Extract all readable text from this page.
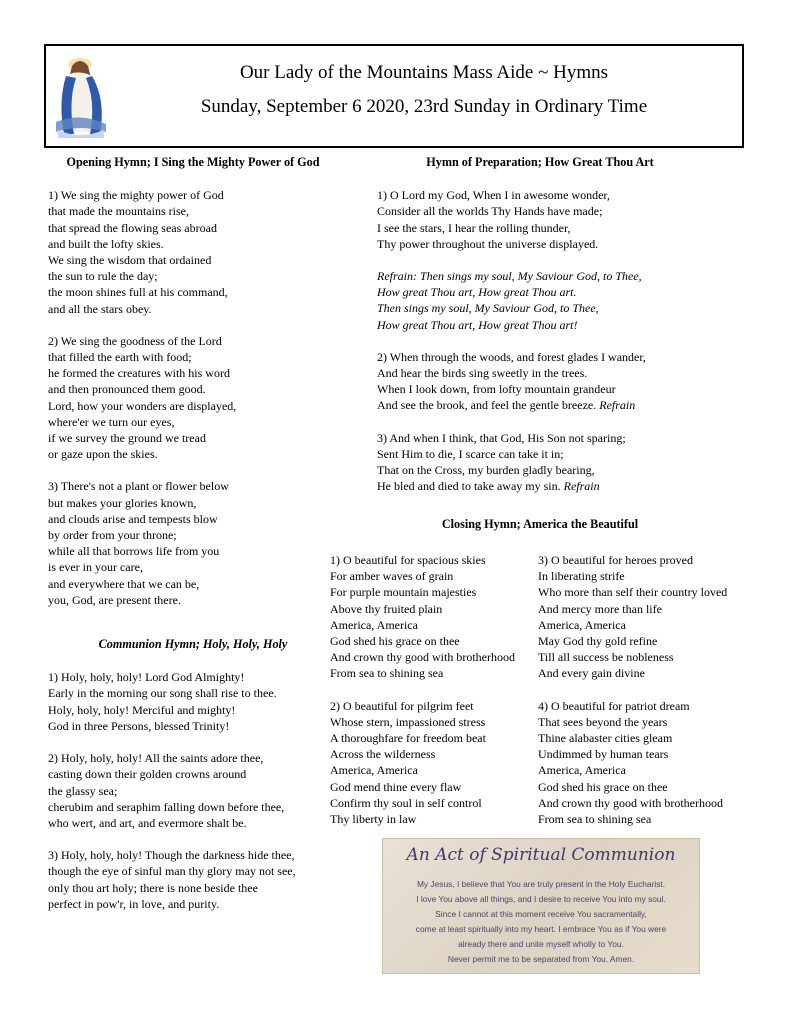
Our Lady of the Mountains Mass Aide ~ Hymns
Sunday, September 6 2020, 23rd Sunday in Ordinary Time

Opening Hymn; I Sing the Mighty Power of God

1) We sing the mighty power of God
that made the mountains rise,
that spread the flowing seas abroad
and built the lofty skies.
We sing the wisdom that ordained
the sun to rule the day;
the moon shines full at his command,
and all the stars obey.
2) We sing the goodness of the Lord
that filled the earth with food;
he formed the creatures with his word
and then pronounced them good.
Lord, how your wonders are displayed,
where'er we turn our eyes,
if we survey the ground we tread
or gaze upon the skies.
3) There's not a plant or flower below
but makes your glories known,
and clouds arise and tempests blow
by order from your throne;
while all that borrows life from you
is ever in your care,
and everywhere that we can be,
you, God, are present there.

Communion Hymn; Holy, Holy, Holy

1) Holy, holy, holy! Lord God Almighty!
Early in the morning our song shall rise to thee.
Holy, holy, holy! Merciful and mighty!
God in three Persons, blessed Trinity!
2) Holy, holy, holy! All the saints adore thee,
casting down their golden crowns around
the glassy sea;
cherubim and seraphim falling down before thee,
who wert, and art, and evermore shalt be.
3) Holy, holy, holy! Though the darkness hide thee,
though the eye of sinful man thy glory may not see,
only thou art holy; there is none beside thee
perfect in pow'r, in love, and purity.

Hymn of Preparation; How Great Thou Art

1) O Lord my God, When I in awesome wonder,
Consider all the worlds Thy Hands have made;
I see the stars, I hear the rolling thunder,
Thy power throughout the universe displayed.
Refrain: Then sings my soul, My Saviour God, to Thee,
How great Thou art, How great Thou art.
Then sings my soul, My Saviour God, to Thee,
How great Thou art, How great Thou art!
2) When through the woods, and forest glades I wander,
And hear the birds sing sweetly in the trees.
When I look down, from lofty mountain grandeur
And see the brook, and feel the gentle breeze. Refrain
3) And when I think, that God, His Son not sparing;
Sent Him to die, I scarce can take it in;
That on the Cross, my burden gladly bearing,
He bled and died to take away my sin. Refrain

Closing Hymn; America the Beautiful

1) O beautiful for spacious skies
For amber waves of grain
For purple mountain majesties
Above thy fruited plain
America, America
God shed his grace on thee
And crown thy good with brotherhood
From sea to shining sea
2) O beautiful for pilgrim feet
Whose stern, impassioned stress
A thoroughfare for freedom beat
Across the wilderness
America, America
God mend thine every flaw
Confirm thy soul in self control
Thy liberty in law
3) O beautiful for heroes proved
In liberating strife
Who more than self their country loved
And mercy more than life
America, America
May God thy gold refine
Till all success be nobleness
And every gain divine
4) O beautiful for patriot dream
That sees beyond the years
Thine alabaster cities gleam
Undimmed by human tears
America, America
God shed his grace on thee
And crown thy good with brotherhood
From sea to shining sea
An Act of Spiritual Communion
My Jesus, I believe that You are truly present in the Holy Eucharist.
I love You above all things, and I desire to receive You into my soul.
Since I cannot at this moment receive You sacramentally,
come at least spiritually into my heart. I embrace You as if You were
already there and unite myself wholly to You.
Never permit me to be separated from You. Amen.
